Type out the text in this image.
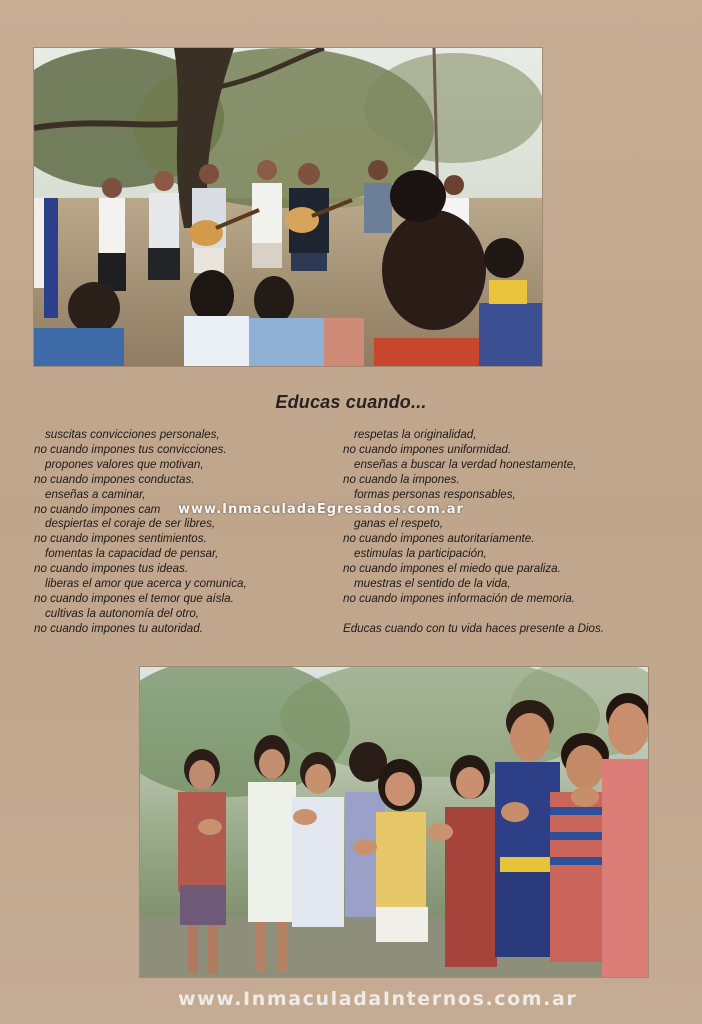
Educas cuando...
suscitas convicciones personales,
no cuando impones tus convicciones.
propones valores que motivan,
no cuando impones conductas.
enseñas a caminar,
no cuando impones cam
despiertas el coraje de ser libres,
no cuando impones sentimientos.
fomentas la capacidad de pensar,
no cuando impones tus ideas.
liberas el amor que acerca y comunica,
no cuando impones el temor que aísla.
cultivas la autonomía del otro,
no cuando impones tu autoridad.
respetas la originalidad,
no cuando impones uniformidad.
enseñas a buscar la verdad honestamente,
no cuando la impones.
formas personas responsables,

ganas el respeto,
no cuando impones autoritariamente.
estimulas la participación,
no cuando impones el miedo que paraliza.
muestras el sentido de la vida,
no cuando impones información de memoria.
Educas cuando con tu vida haces presente a Dios.
www.InmaculadaEgresados.com.ar
www.InmaculadaInternos.com.ar
